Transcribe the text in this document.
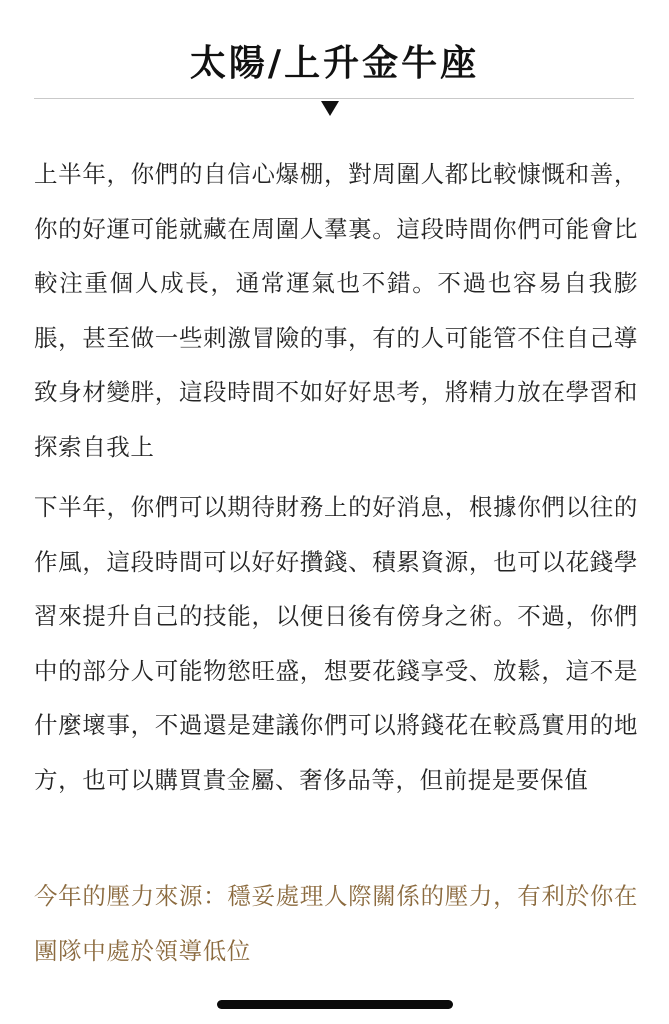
太陽/上升金牛座

上半年，你們的自信心爆棚，對周圍人都比較慷慨和善，你的好運可能就藏在周圍人羣裏。這段時間你們可能會比較注重個人成長，通常運氣也不錯。不過也容易自我膨脹，甚至做一些刺激冒險的事，有的人可能管不住自己導致身材變胖，這段時間不如好好思考，將精力放在學習和探索自我上

下半年，你們可以期待財務上的好消息，根據你們以往的作風，這段時間可以好好攢錢、積累資源，也可以花錢學習來提升自己的技能，以便日後有傍身之術。不過，你們中的部分人可能物慾旺盛，想要花錢享受、放鬆，這不是什麼壞事，不過還是建議你們可以將錢花在較爲實用的地方，也可以購買貴金屬、奢侈品等，但前提是要保值

今年的壓力來源：穩妥處理人際關係的壓力，有利於你在團隊中處於領導低位
